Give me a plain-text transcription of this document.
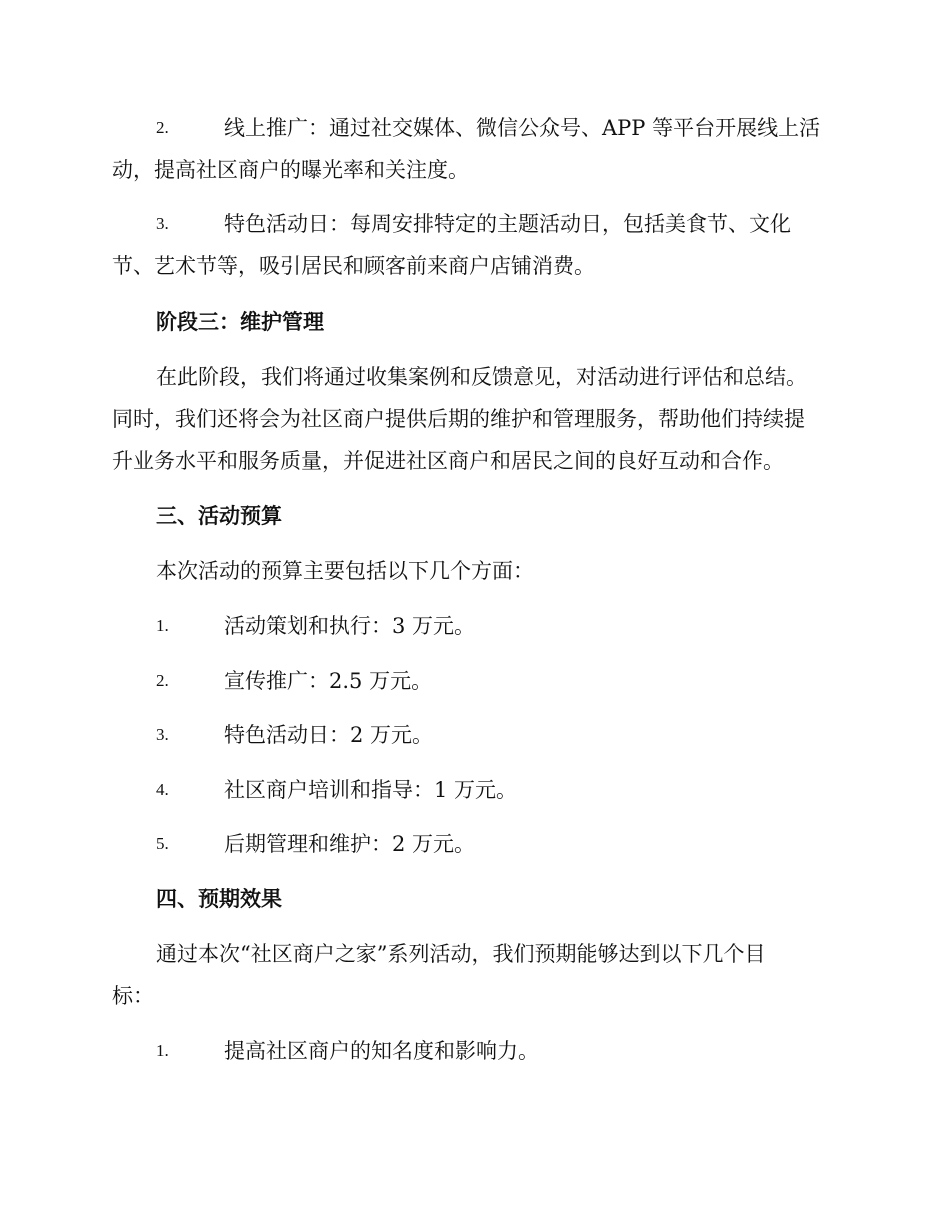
2.	线上推广：通过社交媒体、微信公众号、APP 等平台开展线上活
动，提高社区商户的曝光率和关注度。
3.	特色活动日：每周安排特定的主题活动日，包括美食节、文化
节、艺术节等，吸引居民和顾客前来商户店铺消费。
阶段三：维护管理
在此阶段，我们将通过收集案例和反馈意见，对活动进行评估和总结。
同时，我们还将会为社区商户提供后期的维护和管理服务，帮助他们持续提
升业务水平和服务质量，并促进社区商户和居民之间的良好互动和合作。
三、活动预算
本次活动的预算主要包括以下几个方面：
1.	活动策划和执行：3 万元。
2.	宣传推广：2.5 万元。
3.	特色活动日：2 万元。
4.	社区商户培训和指导：1 万元。
5.	后期管理和维护：2 万元。
四、预期效果
通过本次“社区商户之家”系列活动，我们预期能够达到以下几个目
标：
1.	提高社区商户的知名度和影响力。
